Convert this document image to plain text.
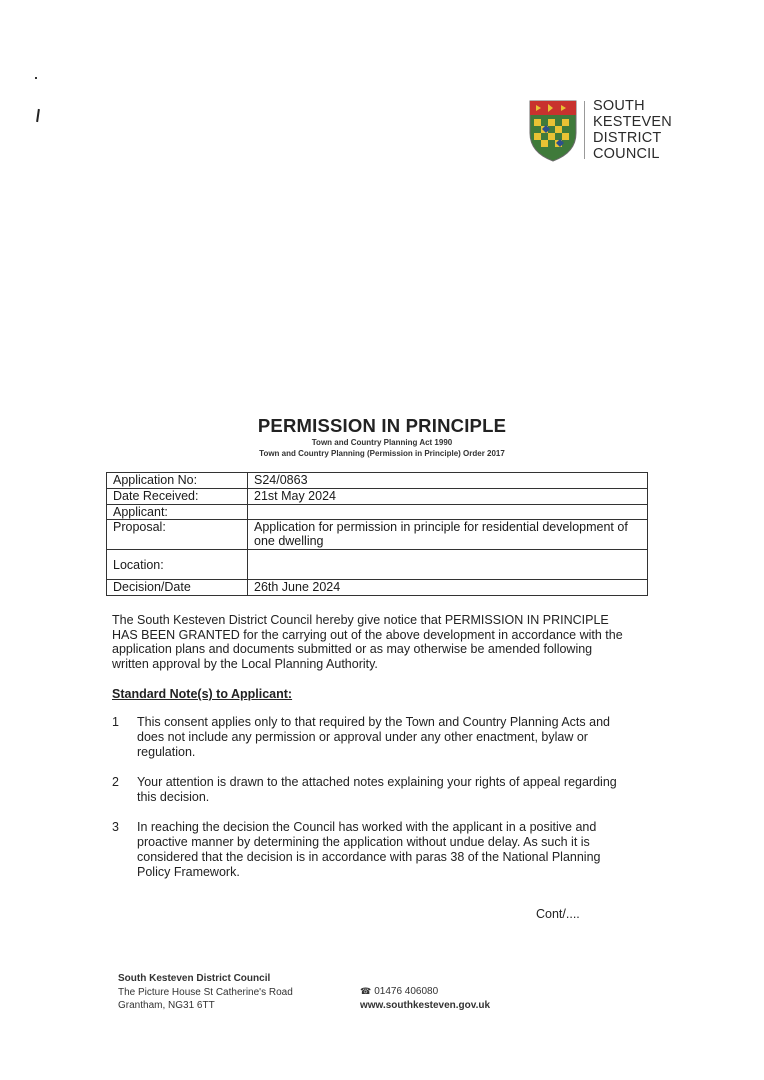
SOUTH
KESTEVEN
DISTRICT
COUNCIL
PERMISSION IN PRINCIPLE
Town and Country Planning Act 1990
Town and Country Planning (Permission in Principle) Order 2017
Application No:	S24/0863
Date Received:	21st May 2024
Applicant:	
Proposal:	Application for permission in principle for residential development of one dwelling
Location:	
Decision/Date	26th June 2024
The South Kesteven District Council hereby give notice that PERMISSION IN PRINCIPLE HAS BEEN GRANTED for the carrying out of the above development in accordance with the application plans and documents submitted or as may otherwise be amended following written approval by the Local Planning Authority.
Standard Note(s) to Applicant:
1	This consent applies only to that required by the Town and Country Planning Acts and does not include any permission or approval under any other enactment, bylaw or regulation.
2	Your attention is drawn to the attached notes explaining your rights of appeal regarding this decision.
3	In reaching the decision the Council has worked with the applicant in a positive and proactive manner by determining the application without undue delay. As such it is considered that the decision is in accordance with paras 38 of the National Planning Policy Framework.
Cont/....
South Kesteven District Council
The Picture House St Catherine's Road
Grantham, NG31 6TT
☎ 01476 406080
www.southkesteven.gov.uk
